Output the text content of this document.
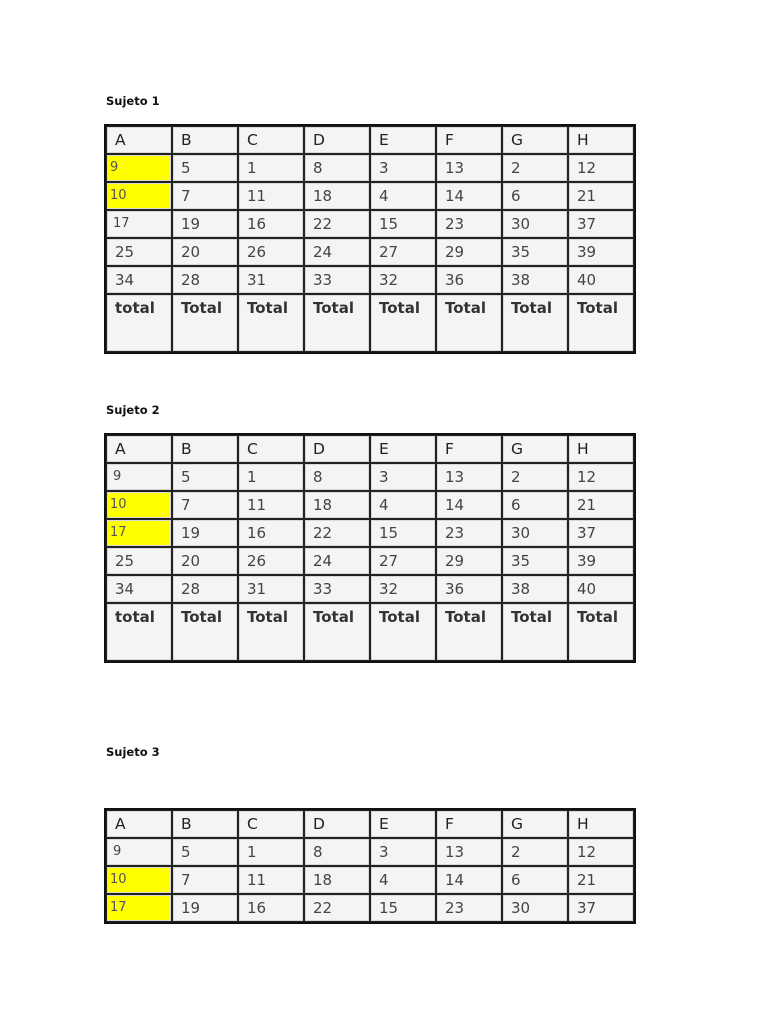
Sujeto 1
A	B	C	D	E	F	G	H
9	5	1	8	3	13	2	12
10	7	11	18	4	14	6	21
17	19	16	22	15	23	30	37
25	20	26	24	27	29	35	39
34	28	31	33	32	36	38	40
total	Total	Total	Total	Total	Total	Total	Total
Sujeto 2
A	B	C	D	E	F	G	H
9	5	1	8	3	13	2	12
10	7	11	18	4	14	6	21
17	19	16	22	15	23	30	37
25	20	26	24	27	29	35	39
34	28	31	33	32	36	38	40
total	Total	Total	Total	Total	Total	Total	Total
Sujeto 3
A	B	C	D	E	F	G	H
9	5	1	8	3	13	2	12
10	7	11	18	4	14	6	21
17	19	16	22	15	23	30	37
